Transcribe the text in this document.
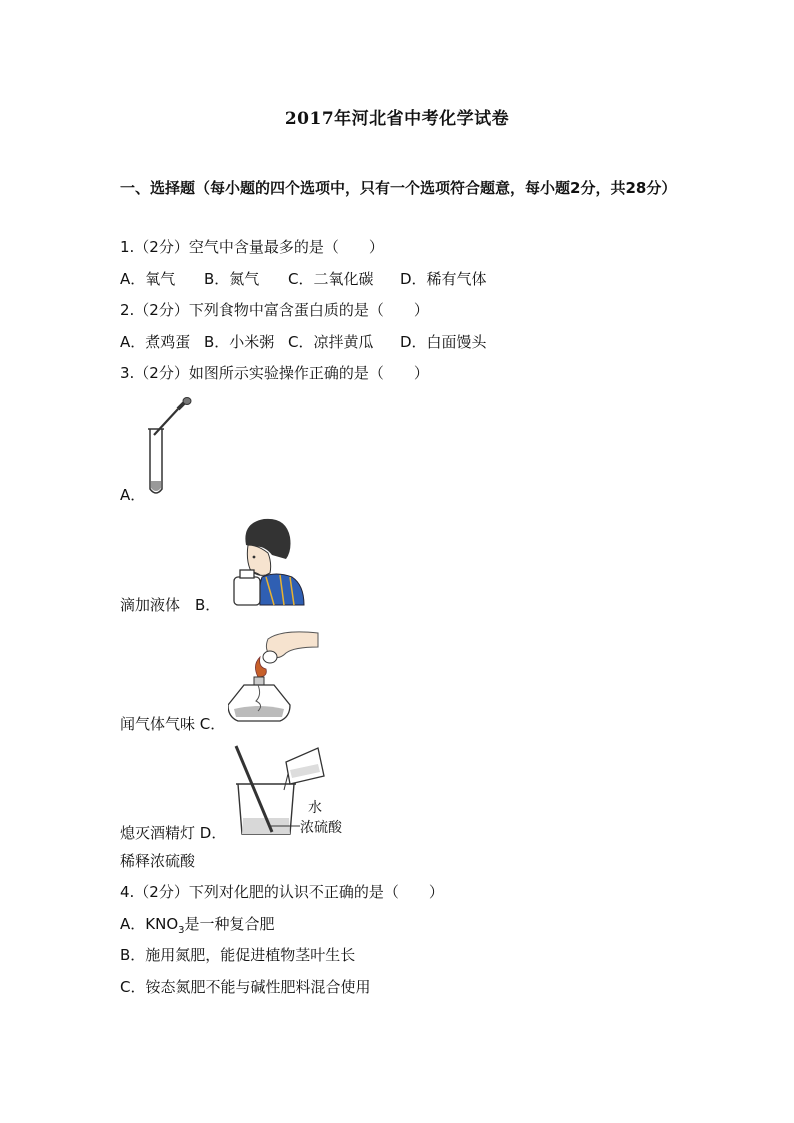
2017年河北省中考化学试卷
一、选择题（每小题的四个选项中，只有一个选项符合题意，每小题2分，共28分）
1.（2分）空气中含量最多的是（　　）
A．氧气 B．氮气 C．二氧化碳 D．稀有气体
2.（2分）下列食物中富含蛋白质的是（　　）
A．煮鸡蛋 B．小米粥 C．凉拌黄瓜 D．白面馒头
3.（2分）如图所示实验操作正确的是（　　）
A．
滴加液体　B．
闻气体气味 C．
水
浓硫酸
熄灭酒精灯 D．
稀释浓硫酸
4.（2分）下列对化肥的认识不正确的是（　　）
A．$KNO_3$是一种复合肥
B．施用氮肥，能促进植物茎叶生长
C．铵态氮肥不能与碱性肥料混合使用
